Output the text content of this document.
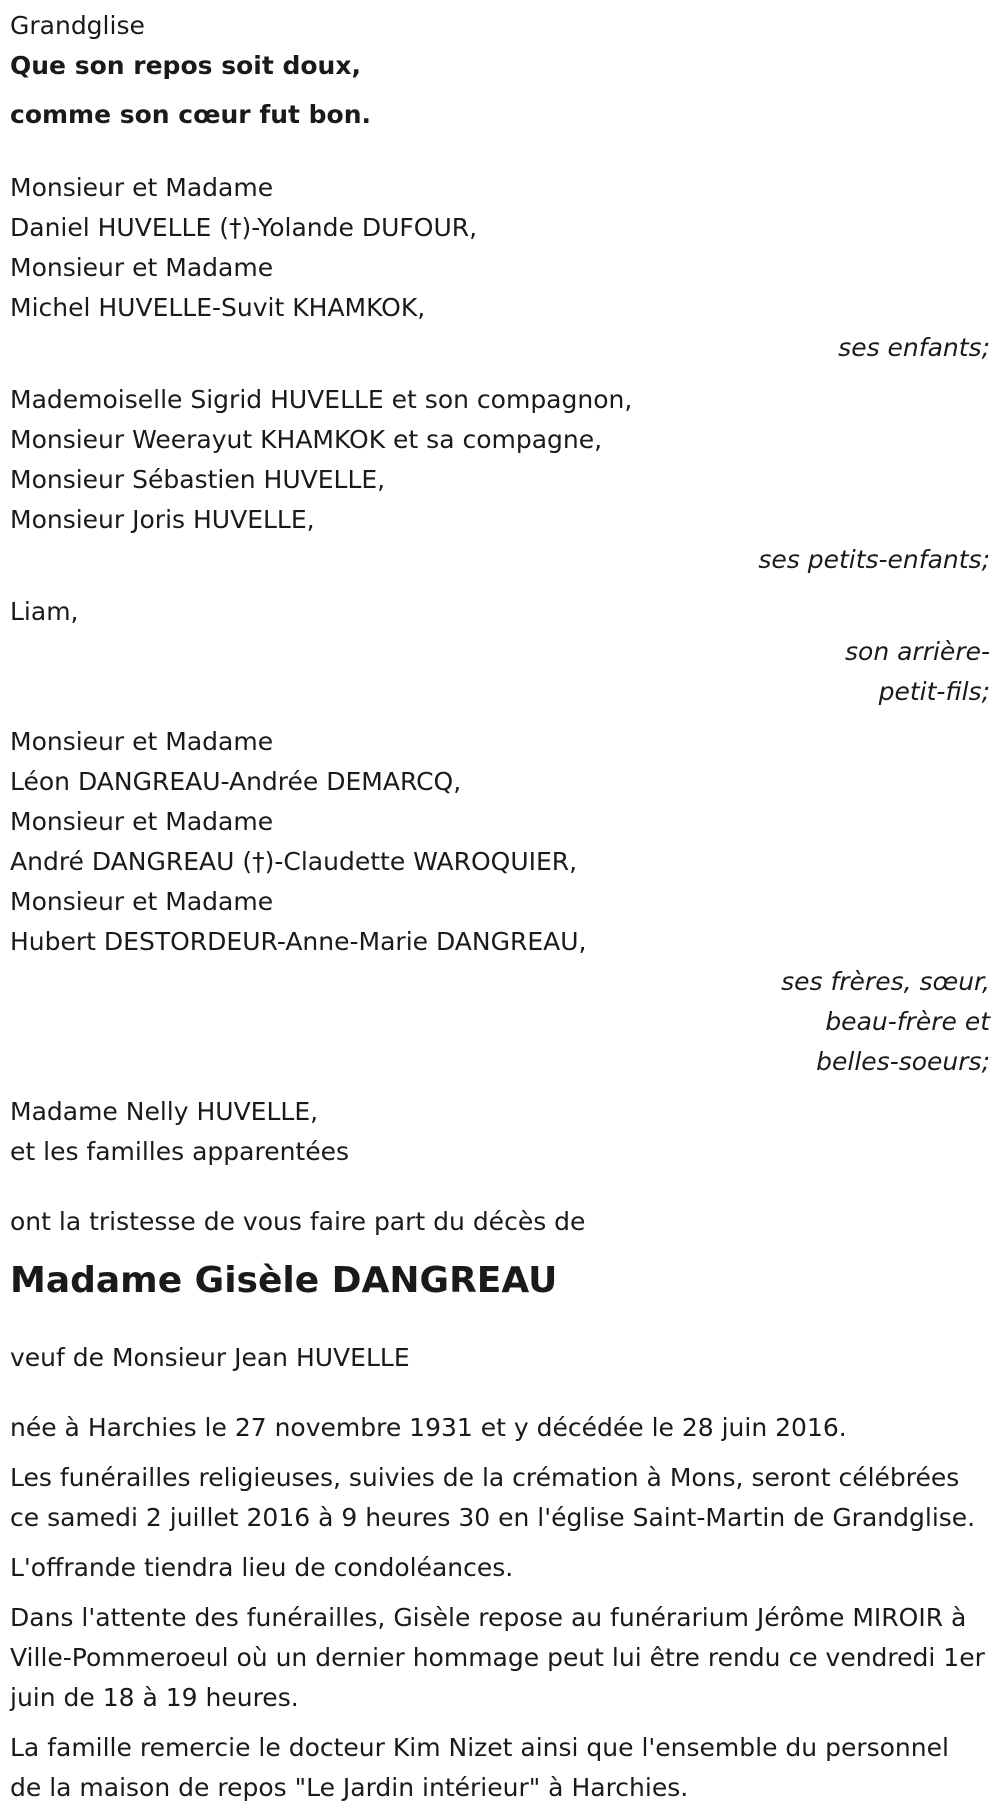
Grandglise
Que son repos soit doux,
comme son cœur fut bon.
Monsieur et Madame
Daniel HUVELLE (†)-Yolande DUFOUR,
Monsieur et Madame
Michel HUVELLE-Suvit KHAMKOK,
ses enfants;
Mademoiselle Sigrid HUVELLE et son compagnon,
Monsieur Weerayut KHAMKOK et sa compagne,
Monsieur Sébastien HUVELLE,
Monsieur Joris HUVELLE,
ses petits-enfants;
Liam,
son arrière-
petit-fils;
Monsieur et Madame
Léon DANGREAU-Andrée DEMARCQ,
Monsieur et Madame
André DANGREAU (†)-Claudette WAROQUIER,
Monsieur et Madame
Hubert DESTORDEUR-Anne-Marie DANGREAU,
ses frères, sœur,
beau-frère et
belles-soeurs;
Madame Nelly HUVELLE,
et les familles apparentées
ont la tristesse de vous faire part du décès de
Madame Gisèle DANGREAU
veuf de Monsieur Jean HUVELLE
née à Harchies le 27 novembre 1931 et y décédée le 28 juin 2016.
Les funérailles religieuses, suivies de la crémation à Mons, seront célébrées ce samedi 2 juillet 2016 à 9 heures 30 en l'église Saint-Martin de Grandglise.
L'offrande tiendra lieu de condoléances.
Dans l'attente des funérailles, Gisèle repose au funérarium Jérôme MIROIR à Ville-Pommeroeul où un dernier hommage peut lui être rendu ce vendredi 1er juin de 18 à 19 heures.
La famille remercie le docteur Kim Nizet ainsi que l'ensemble du personnel de la maison de repos "Le Jardin intérieur" à Harchies.
